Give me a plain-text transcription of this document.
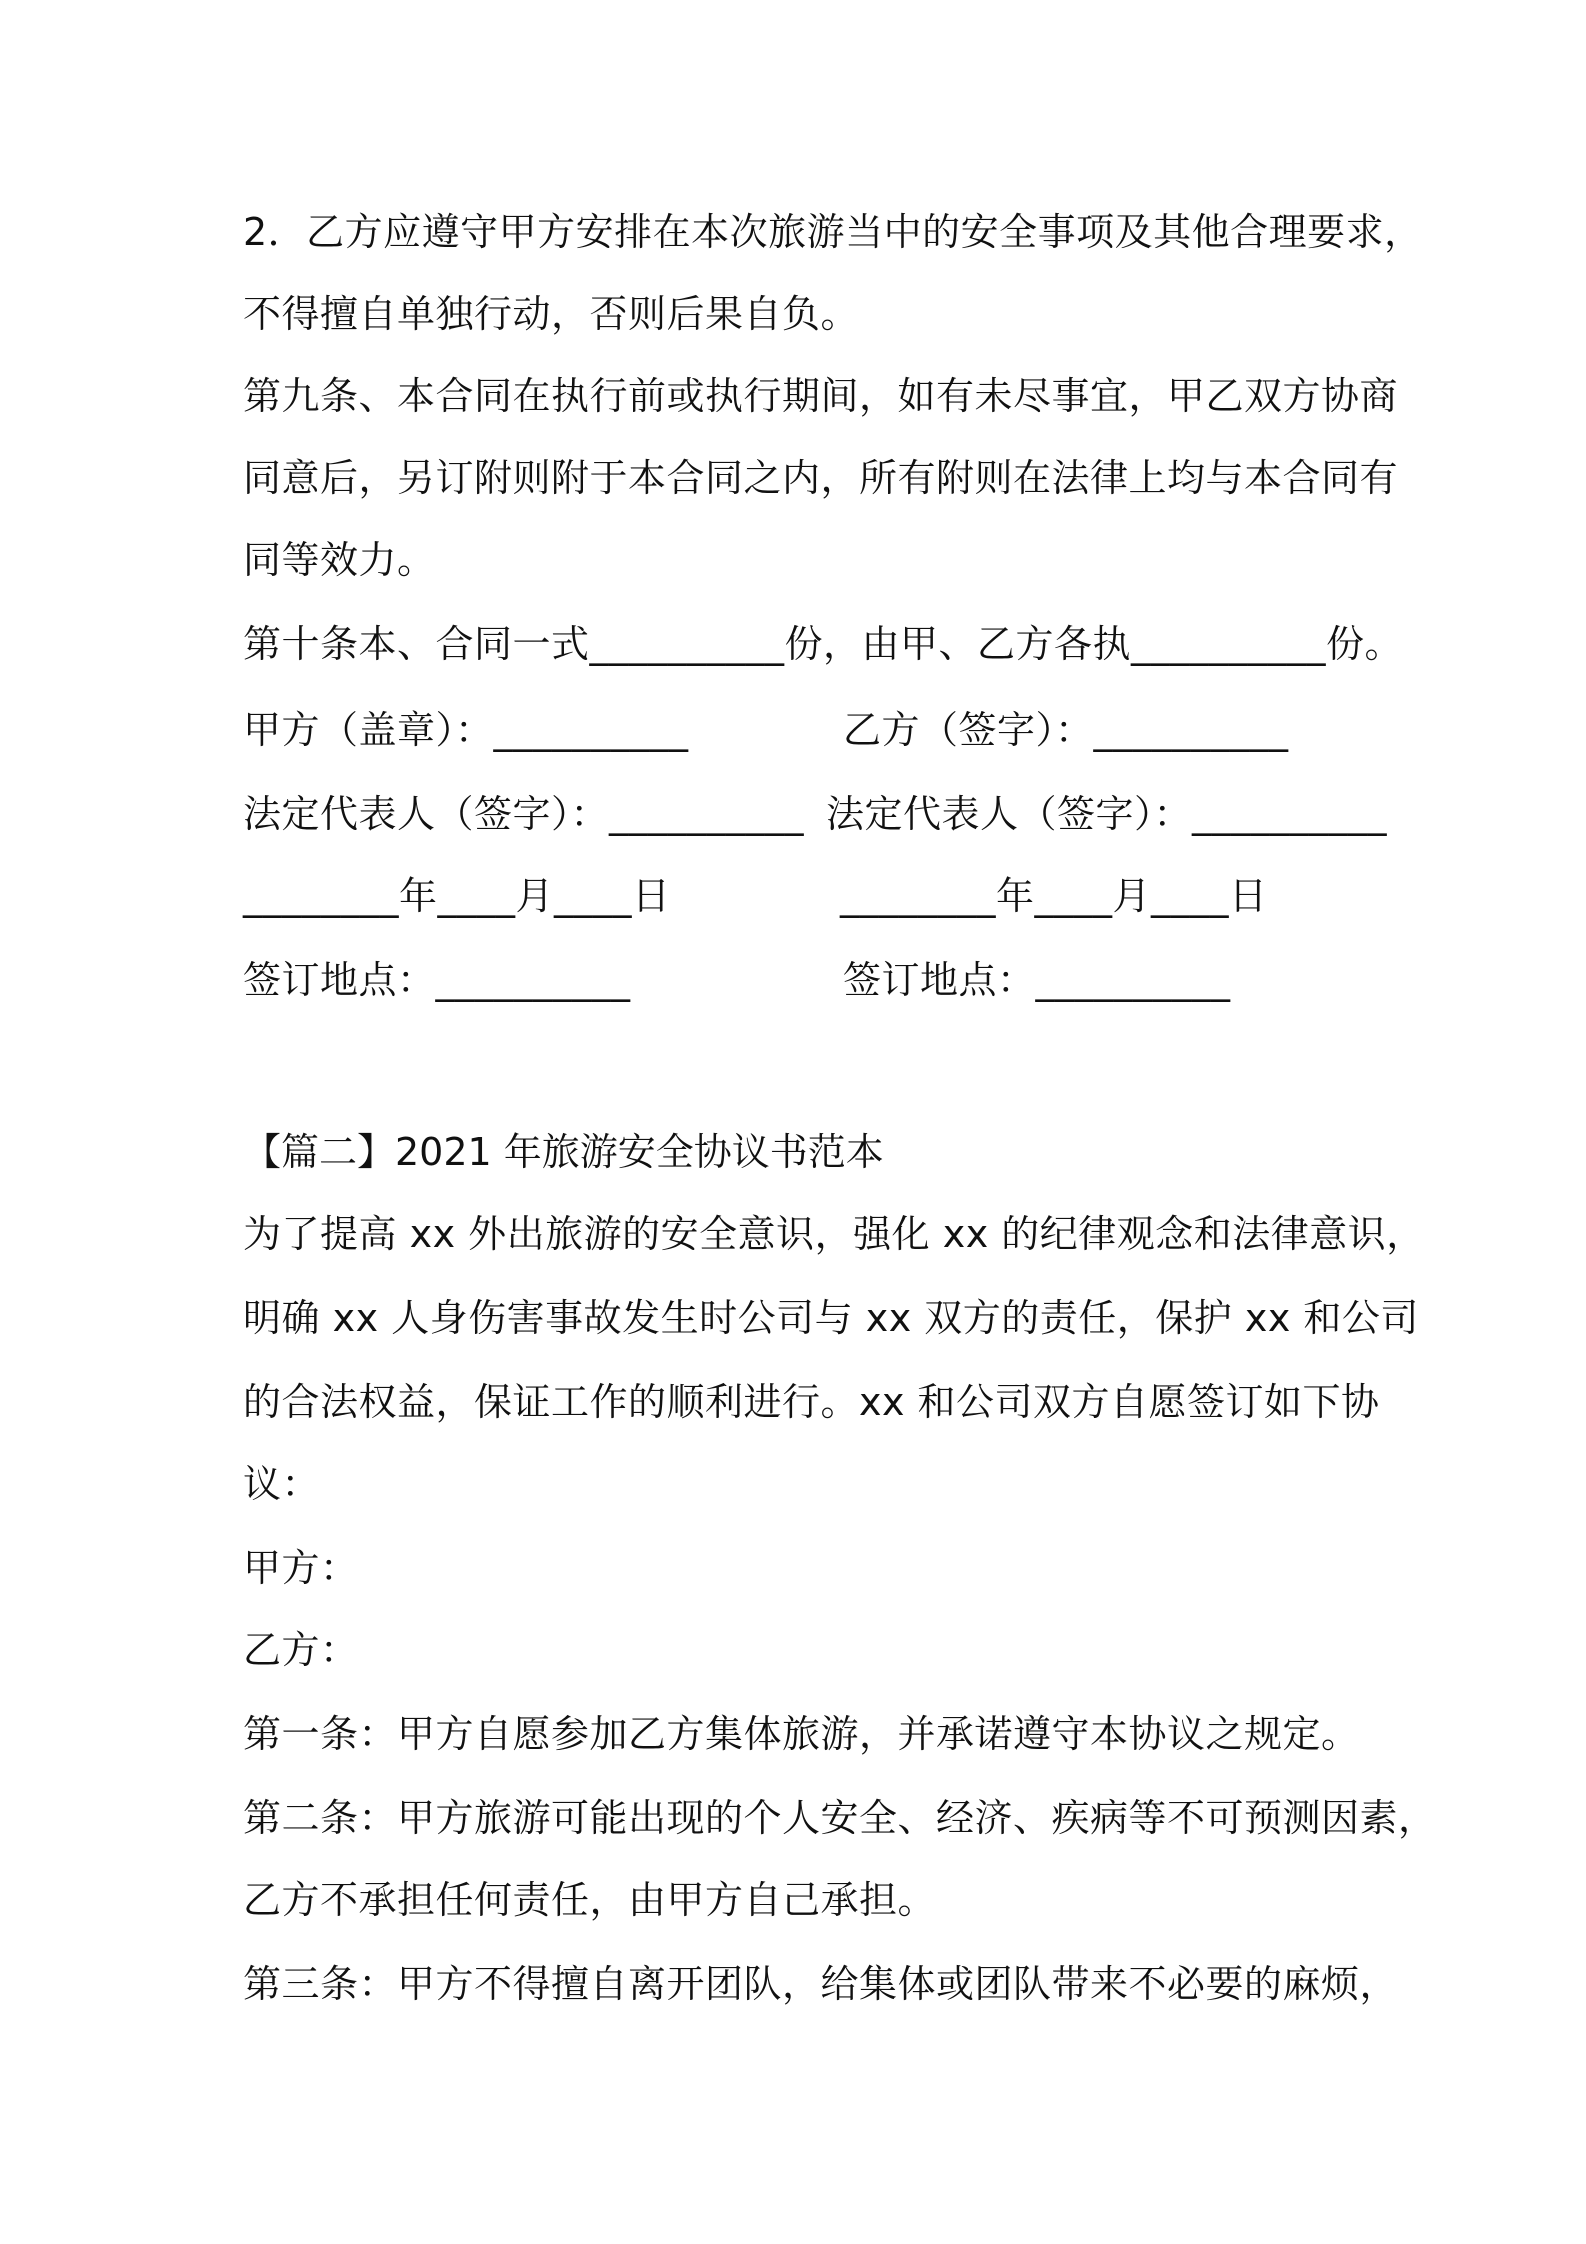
2．乙方应遵守甲方安排在本次旅游当中的安全事项及其他合理要求，
不得擅自单独行动，否则后果自负。
第九条、本合同在执行前或执行期间，如有未尽事宜，甲乙双方协商
同意后，另订附则附于本合同之内，所有附则在法律上均与本合同有
同等效力。
第十条本、合同一式__________份，由甲、乙方各执__________份。
甲方（盖章）：__________	乙方（签字）：__________
法定代表人（签字）：__________ 法定代表人（签字）：__________
________年____月____日	________年____月____日
签订地点：__________	签订地点：__________
【篇二】2021 年旅游安全协议书范本
为了提高 xx 外出旅游的安全意识，强化 xx 的纪律观念和法律意识，
明确 xx 人身伤害事故发生时公司与 xx 双方的责任，保护 xx 和公司
的合法权益，保证工作的顺利进行。xx 和公司双方自愿签订如下协
议：
甲方：
乙方：
第一条：甲方自愿参加乙方集体旅游，并承诺遵守本协议之规定。
第二条：甲方旅游可能出现的个人安全、经济、疾病等不可预测因素，
乙方不承担任何责任，由甲方自己承担。
第三条：甲方不得擅自离开团队，给集体或团队带来不必要的麻烦，
